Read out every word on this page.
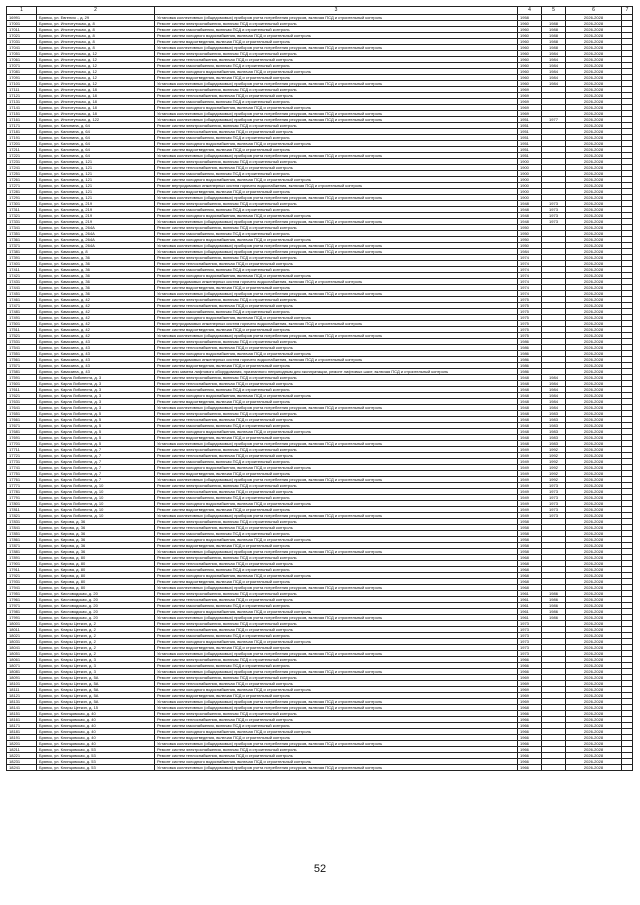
1	2	3	4	5	6	7
16991	Брянск, ул. Евгения ., д. 29	Установка коллективных (общедомовых) приборов учета потребления ресурсов, включая ПСД и строительный контроль	1958		2026-2028	
17001	Брянск, ул. Институтская, д. 8	Ремонт систем электроснабжения, включая ПСД и строительный контроль	1960	1988	2026-2028	
17011	Брянск, ул. Институтская, д. 8	Ремонт систем газоснабжения, включая ПСД и строительный контроль	1960	1988	2026-2028	
17021	Брянск, ул. Институтская, д. 8	Ремонт систем холодного водоснабжения, включая ПСД и строительный контроль	1960	1988	2026-2028	
17031	Брянск, ул. Институтская, д. 8	Ремонт систем водоотведения, включая ПСД и строительный контроль	1960	1988	2026-2028	
17041	Брянск, ул. Институтская, д. 8	Установка коллективных (общедомовых) приборов учета потребления ресурсов, включая ПСД и строительный контроль	1960	1988	2026-2028	
17051	Брянск, ул. Институтская, д. 12	Ремонт систем электроснабжения, включая ПСД и строительный контроль	1960	1984	2026-2028	
17061	Брянск, ул. Институтская, д. 12	Ремонт систем теплоснабжения, включая ПСД и строительный контроль	1960	1984	2026-2028	
17071	Брянск, ул. Институтская, д. 12	Ремонт систем газоснабжения, включая ПСД и строительный контроль	1960	1984	2026-2028	
17081	Брянск, ул. Институтская, д. 12	Ремонт систем холодного водоснабжения, включая ПСД и строительный контроль	1960	1984	2026-2028	
17091	Брянск, ул. Институтская, д. 12	Ремонт систем водоотведения, включая ПСД и строительный контроль	1960	1984	2026-2028	
17101	Брянск, ул. Институтская, д. 12	Установка коллективных (общедомовых) приборов учета потребления ресурсов, включая ПСД и строительный контроль	1960	1984	2026-2028	
17111	Брянск, ул. Институтская, д. 18	Ремонт систем электроснабжения, включая ПСД и строительный контроль	1969		2026-2028	
17121	Брянск, ул. Институтская, д. 18	Ремонт систем теплоснабжения, включая ПСД и строительный контроль	1969		2026-2028	
17131	Брянск, ул. Институтская, д. 18	Ремонт систем газоснабжения, включая ПСД и строительный контроль	1969		2026-2028	
17141	Брянск, ул. Институтская, д. 18	Ремонт систем холодного водоснабжения, включая ПСД и строительный контроль	1969		2026-2028	
17151	Брянск, ул. Институтская, д. 18	Установка коллективных (общедомовых) приборов учета потребления ресурсов, включая ПСД и строительный контроль	1969		2026-2028	
17161	Брянск, ул. Институтская, д. 122	Установка коллективных (общедомовых) приборов учета потребления ресурсов, включая ПСД и строительный контроль	1951	1977	2026-2028	
17171	Брянск, ул. Калинина, д. 64	Ремонт систем электроснабжения, включая ПСД и строительный контроль	1951		2026-2028	
17181	Брянск, ул. Калинина, д. 64	Ремонт систем теплоснабжения, включая ПСД и строительный контроль	1951		2026-2028	
17191	Брянск, ул. Калинина, д. 64	Ремонт систем газоснабжения, включая ПСД и строительный контроль	1951		2026-2028	
17201	Брянск, ул. Калинина, д. 64	Ремонт систем холодного водоснабжения, включая ПСД и строительный контроль	1951		2026-2028	
17211	Брянск, ул. Калинина, д. 64	Ремонт систем водоотведения, включая ПСД и строительный контроль	1951		2026-2028	
17221	Брянск, ул. Калинина, д. 64	Установка коллективных (общедомовых) приборов учета потребления ресурсов, включая ПСД и строительный контроль	1951		2026-2028	
17231	Брянск, ул. Калинина, д. 121	Ремонт систем электроснабжения, включая ПСД и строительный контроль	1900		2026-2028	
17241	Брянск, ул. Калинина, д. 121	Ремонт систем теплоснабжения, включая ПСД и строительный контроль	1900		2026-2028	
17251	Брянск, ул. Калинина, д. 121	Ремонт систем газоснабжения, включая ПСД и строительный контроль	1900		2026-2028	
17261	Брянск, ул. Калинина, д. 121	Ремонт систем холодного водоснабжения, включая ПСД и строительный контроль	1900		2026-2028	
17271	Брянск, ул. Калинина, д. 121	Ремонт внутридомовых инженерных систем горячего водоснабжения, включая ПСД и строительный контроль	1900		2026-2028	
17281	Брянск, ул. Калинина, д. 121	Ремонт систем водоотведения, включая ПСД и строительный контроль	1900		2026-2028	
17291	Брянск, ул. Калинина, д. 121	Установка коллективных (общедомовых) приборов учета потребления ресурсов, включая ПСД и строительный контроль	1900		2026-2028	
17301	Брянск, ул. Калинина, д. 219	Ремонт систем электроснабжения, включая ПСД и строительный контроль	1948	1973	2026-2028	
17311	Брянск, ул. Калинина, д. 219	Ремонт систем газоснабжения, включая ПСД и строительный контроль	1948	1973	2026-2028	
17321	Брянск, ул. Калинина, д. 219	Ремонт систем холодного водоснабжения, включая ПСД и строительный контроль	1948	1973	2026-2028	
17331	Брянск, ул. Калинина, д. 219	Установка коллективных (общедомовых) приборов учета потребления ресурсов, включая ПСД и строительный контроль	1948	1973	2026-2028	
17341	Брянск, ул. Калинина, д. 264А	Ремонт систем электроснабжения, включая ПСД и строительный контроль	1950		2026-2028	
17351	Брянск, ул. Калинина, д. 264А	Ремонт систем газоснабжения, включая ПСД и строительный контроль	1950		2026-2028	
17361	Брянск, ул. Калинина, д. 264А	Ремонт систем холодного водоснабжения, включая ПСД и строительный контроль	1950		2026-2028	
17371	Брянск, ул. Калинина, д. 264А	Установка коллективных (общедомовых) приборов учета потребления ресурсов, включая ПСД и строительный контроль	1950		2026-2028	
17381	Брянск, ул. Камозина, д. 8	Установка коллективных (общедомовых) приборов учета потребления ресурсов, включая ПСД и строительный контроль	1984		2026-2028	
17391	Брянск, ул. Камозина, д. 36	Ремонт систем электроснабжения, включая ПСД и строительный контроль	1974		2026-2028	
17401	Брянск, ул. Камозина, д. 36	Ремонт систем теплоснабжения, включая ПСД и строительный контроль	1974		2026-2028	
17411	Брянск, ул. Камозина, д. 36	Ремонт систем газоснабжения, включая ПСД и строительный контроль	1974		2026-2028	
17421	Брянск, ул. Камозина, д. 36	Ремонт систем холодного водоснабжения, включая ПСД и строительный контроль	1974		2026-2028	
17431	Брянск, ул. Камозина, д. 36	Ремонт внутридомовых инженерных систем горячего водоснабжения, включая ПСД и строительный контроль	1974		2026-2028	
17441	Брянск, ул. Камозина, д. 36	Ремонт систем водоотведения, включая ПСД и строительный контроль	1974		2026-2028	
17451	Брянск, ул. Камозина, д. 36	Установка коллективных (общедомовых) приборов учета потребления ресурсов, включая ПСД и строительный контроль	1974		2026-2028	
17461	Брянск, ул. Камозина, д. 42	Ремонт систем электроснабжения, включая ПСД и строительный контроль	1975		2026-2028	
17471	Брянск, ул. Камозина, д. 42	Ремонт систем теплоснабжения, включая ПСД и строительный контроль	1975		2026-2028	
17481	Брянск, ул. Камозина, д. 42	Ремонт систем газоснабжения, включая ПСД и строительный контроль	1975		2026-2028	
17491	Брянск, ул. Камозина, д. 42	Ремонт систем холодного водоснабжения, включая ПСД и строительный контроль	1975		2026-2028	
17501	Брянск, ул. Камозина, д. 42	Ремонт внутридомовых инженерных систем горячего водоснабжения, включая ПСД и строительный контроль	1975		2026-2028	
17511	Брянск, ул. Камозина, д. 42	Ремонт систем водоотведения, включая ПСД и строительный контроль	1975		2026-2028	
17521	Брянск, ул. Камозина, д. 42	Установка коллективных (общедомовых) приборов учета потребления ресурсов, включая ПСД и строительный контроль	1975		2026-2028	
17531	Брянск, ул. Камозина, д. 43	Ремонт систем электроснабжения, включая ПСД и строительный контроль	1986		2026-2028	
17541	Брянск, ул. Камозина, д. 43	Ремонт систем теплоснабжения, включая ПСД и строительный контроль	1986		2026-2028	
17551	Брянск, ул. Камозина, д. 43	Ремонт систем холодного водоснабжения, включая ПСД и строительный контроль	1986		2026-2028	
17561	Брянск, ул. Камозина, д. 43	Ремонт внутридомовых инженерных систем горячего водоснабжения, включая ПСД и строительный контроль	1986		2026-2028	
17571	Брянск, ул. Камозина, д. 43	Ремонт систем водоотведения, включая ПСД и строительный контроль	1986		2026-2028	
17581	Брянск, ул. Камозина, д. 43	Ремонт или замена лифтового оборудования, признанного непригодным для эксплуатации, ремонт лифтовых шахт, включая ПСД и строительный контроль	1986		2026-2028	
17591	Брянск, ул. Карла Либкнехта, д. 3	Ремонт систем электроснабжения, включая ПСД и строительный контроль	1948	1984	2026-2028	
17601	Брянск, ул. Карла Либкнехта, д. 3	Ремонт систем теплоснабжения, включая ПСД и строительный контроль	1948	1984	2026-2028	
17611	Брянск, ул. Карла Либкнехта, д. 3	Ремонт систем газоснабжения, включая ПСД и строительный контроль	1948	1984	2026-2028	
17621	Брянск, ул. Карла Либкнехта, д. 3	Ремонт систем холодного водоснабжения, включая ПСД и строительный контроль	1948	1984	2026-2028	
17631	Брянск, ул. Карла Либкнехта, д. 3	Ремонт систем водоотведения, включая ПСД и строительный контроль	1948	1984	2026-2028	
17641	Брянск, ул. Карла Либкнехта, д. 3	Установка коллективных (общедомовых) приборов учета потребления ресурсов, включая ПСД и строительный контроль	1948	1984	2026-2028	
17651	Брянск, ул. Карла Либкнехта, д. 5	Ремонт систем электроснабжения, включая ПСД и строительный контроль	1948	1983	2026-2028	
17661	Брянск, ул. Карла Либкнехта, д. 5	Ремонт систем теплоснабжения, включая ПСД и строительный контроль	1948	1983	2026-2028	
17671	Брянск, ул. Карла Либкнехта, д. 5	Ремонт систем газоснабжения, включая ПСД и строительный контроль	1948	1983	2026-2028	
17681	Брянск, ул. Карла Либкнехта, д. 5	Ремонт систем холодного водоснабжения, включая ПСД и строительный контроль	1948	1983	2026-2028	
17691	Брянск, ул. Карла Либкнехта, д. 5	Ремонт систем водоотведения, включая ПСД и строительный контроль	1948	1983	2026-2028	
17701	Брянск, ул. Карла Либкнехта, д. 5	Установка коллективных (общедомовых) приборов учета потребления ресурсов, включая ПСД и строительный контроль	1948	1983	2026-2028	
17711	Брянск, ул. Карла Либкнехта, д. 7	Ремонт систем электроснабжения, включая ПСД и строительный контроль	1949	1992	2026-2028	
17721	Брянск, ул. Карла Либкнехта, д. 7	Ремонт систем теплоснабжения, включая ПСД и строительный контроль	1949	1992	2026-2028	
17731	Брянск, ул. Карла Либкнехта, д. 7	Ремонт систем газоснабжения, включая ПСД и строительный контроль	1949	1992	2026-2028	
17741	Брянск, ул. Карла Либкнехта, д. 7	Ремонт систем холодного водоснабжения, включая ПСД и строительный контроль	1949	1992	2026-2028	
17751	Брянск, ул. Карла Либкнехта, д. 7	Ремонт систем водоотведения, включая ПСД и строительный контроль	1949	1992	2026-2028	
17761	Брянск, ул. Карла Либкнехта, д. 7	Установка коллективных (общедомовых) приборов учета потребления ресурсов, включая ПСД и строительный контроль	1949	1992	2026-2028	
17771	Брянск, ул. Карла Либкнехта, д. 10	Ремонт систем электроснабжения, включая ПСД и строительный контроль	1949	1973	2026-2028	
17781	Брянск, ул. Карла Либкнехта, д. 10	Ремонт систем теплоснабжения, включая ПСД и строительный контроль	1949	1973	2026-2028	
17791	Брянск, ул. Карла Либкнехта, д. 10	Ремонт систем газоснабжения, включая ПСД и строительный контроль	1949	1973	2026-2028	
17801	Брянск, ул. Карла Либкнехта, д. 10	Ремонт систем холодного водоснабжения, включая ПСД и строительный контроль	1949	1973	2026-2028	
17811	Брянск, ул. Карла Либкнехта, д. 10	Ремонт систем водоотведения, включая ПСД и строительный контроль	1949	1973	2026-2028	
17821	Брянск, ул. Карла Либкнехта, д. 10	Установка коллективных (общедомовых) приборов учета потребления ресурсов, включая ПСД и строительный контроль	1949	1973	2026-2028	
17831	Брянск, ул. Кирова, д. 36	Ремонт систем электроснабжения, включая ПСД и строительный контроль	1958		2026-2028	
17841	Брянск, ул. Кирова, д. 36	Ремонт систем теплоснабжения, включая ПСД и строительный контроль	1958		2026-2028	
17851	Брянск, ул. Кирова, д. 36	Ремонт систем газоснабжения, включая ПСД и строительный контроль	1958		2026-2028	
17861	Брянск, ул. Кирова, д. 36	Ремонт систем холодного водоснабжения, включая ПСД и строительный контроль	1958		2026-2028	
17871	Брянск, ул. Кирова, д. 36	Ремонт систем водоотведения, включая ПСД и строительный контроль	1958		2026-2028	
17881	Брянск, ул. Кирова, д. 36	Установка коллективных (общедомовых) приборов учета потребления ресурсов, включая ПСД и строительный контроль	1958		2026-2028	
17891	Брянск, ул. Кирова, д. 80	Ремонт систем электроснабжения, включая ПСД и строительный контроль	1968		2026-2028	
17901	Брянск, ул. Кирова, д. 80	Ремонт систем теплоснабжения, включая ПСД и строительный контроль	1968		2026-2028	
17911	Брянск, ул. Кирова, д. 80	Ремонт систем газоснабжения, включая ПСД и строительный контроль	1968		2026-2028	
17921	Брянск, ул. Кирова, д. 80	Ремонт систем холодного водоснабжения, включая ПСД и строительный контроль	1968		2026-2028	
17931	Брянск, ул. Кирова, д. 80	Ремонт систем водоотведения, включая ПСД и строительный контроль	1968		2026-2028	
17941	Брянск, ул. Кирова, д. 80	Установка коллективных (общедомовых) приборов учета потребления ресурсов, включая ПСД и строительный контроль	1968		2026-2028	
17951	Брянск, ул. Кисловодская, д. 20	Ремонт систем электроснабжения, включая ПСД и строительный контроль	1961	1986	2026-2028	
17961	Брянск, ул. Кисловодская, д. 20	Ремонт систем теплоснабжения, включая ПСД и строительный контроль	1961	1986	2026-2028	
17971	Брянск, ул. Кисловодская, д. 20	Ремонт систем газоснабжения, включая ПСД и строительный контроль	1961	1986	2026-2028	
17981	Брянск, ул. Кисловодская, д. 20	Ремонт систем холодного водоснабжения, включая ПСД и строительный контроль	1961	1986	2026-2028	
17991	Брянск, ул. Кисловодская, д. 20	Установка коллективных (общедомовых) приборов учета потребления ресурсов, включая ПСД и строительный контроль	1961	1986	2026-2028	
18001	Брянск, ул. Клары Цеткин, д. 2	Ремонт систем электроснабжения, включая ПСД и строительный контроль	1973		2026-2028	
18011	Брянск, ул. Клары Цеткин, д. 2	Ремонт систем теплоснабжения, включая ПСД и строительный контроль	1973		2026-2028	
18021	Брянск, ул. Клары Цеткин, д. 2	Ремонт систем газоснабжения, включая ПСД и строительный контроль	1973		2026-2028	
18031	Брянск, ул. Клары Цеткин, д. 2	Ремонт систем холодного водоснабжения, включая ПСД и строительный контроль	1973		2026-2028	
18041	Брянск, ул. Клары Цеткин, д. 2	Ремонт систем водоотведения, включая ПСД и строительный контроль	1973		2026-2028	
18051	Брянск, ул. Клары Цеткин, д. 2	Установка коллективных (общедомовых) приборов учета потребления ресурсов, включая ПСД и строительный контроль	1973		2026-2028	
18061	Брянск, ул. Клары Цеткин, д. 3	Ремонт систем электроснабжения, включая ПСД и строительный контроль	1966		2026-2028	
18071	Брянск, ул. Клары Цеткин, д. 3	Ремонт систем газоснабжения, включая ПСД и строительный контроль	1966		2026-2028	
18081	Брянск, ул. Клары Цеткин, д. 3	Установка коллективных (общедомовых) приборов учета потребления ресурсов, включая ПСД и строительный контроль	1966		2026-2028	
18091	Брянск, ул. Клары Цеткин, д. 5А	Ремонт систем электроснабжения, включая ПСД и строительный контроль	1969		2026-2028	
18101	Брянск, ул. Клары Цеткин, д. 5А	Ремонт систем теплоснабжения, включая ПСД и строительный контроль	1969		2026-2028	
18111	Брянск, ул. Клары Цеткин, д. 5А	Ремонт систем холодного водоснабжения, включая ПСД и строительный контроль	1969		2026-2028	
18121	Брянск, ул. Клары Цеткин, д. 5А	Ремонт систем водоотведения, включая ПСД и строительный контроль	1969		2026-2028	
18131	Брянск, ул. Клары Цеткин, д. 5А	Установка коллективных (общедомовых) приборов учета потребления ресурсов, включая ПСД и строительный контроль	1969		2026-2028	
18141	Брянск, ул. Клары Цеткин, д. 15	Установка коллективных (общедомовых) приборов учета потребления ресурсов, включая ПСД и строительный контроль	1968		2026-2028	
18151	Брянск, ул. Клинцовская, д. 40	Ремонт систем электроснабжения, включая ПСД и строительный контроль	1966		2026-2028	
18161	Брянск, ул. Клинцовская, д. 40	Ремонт систем теплоснабжения, включая ПСД и строительный контроль	1966		2026-2028	
18171	Брянск, ул. Клинцовская, д. 40	Ремонт систем газоснабжения, включая ПСД и строительный контроль	1966		2026-2028	
18181	Брянск, ул. Клинцовская, д. 40	Ремонт систем холодного водоснабжения, включая ПСД и строительный контроль	1966		2026-2028	
18191	Брянск, ул. Клинцовская, д. 40	Ремонт систем водоотведения, включая ПСД и строительный контроль	1966		2026-2028	
18201	Брянск, ул. Клинцовская, д. 40	Установка коллективных (общедомовых) приборов учета потребления ресурсов, включая ПСД и строительный контроль	1966		2026-2028	
18211	Брянск, ул. Клинцовская, д. 53	Ремонт систем электроснабжения, включая ПСД и строительный контроль	1966		2026-2028	
18221	Брянск, ул. Клинцовская, д. 53	Ремонт систем теплоснабжения, включая ПСД и строительный контроль	1966		2026-2028	
18231	Брянск, ул. Клинцовская, д. 53	Ремонт систем холодного водоснабжения, включая ПСД и строительный контроль	1966		2026-2028	
18241	Брянск, ул. Клинцовская, д. 53	Установка коллективных (общедомовых) приборов учета потребления ресурсов, включая ПСД и строительный контроль	1966		2026-2028	
52
